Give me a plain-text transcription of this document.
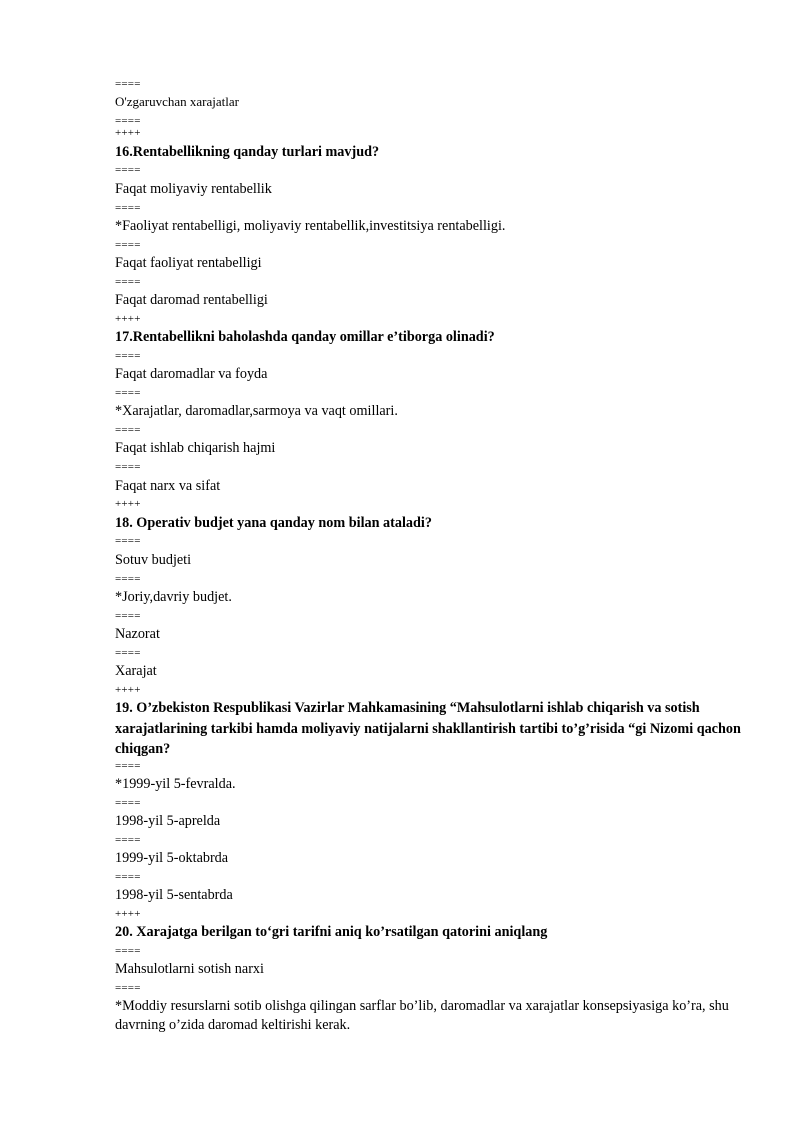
====
O'zgaruvchan xarajatlar
====
++++
16.Rentabellikning qanday turlari mavjud?
====
Faqat moliyaviy rentabellik
====
*Faoliyat rentabelligi, moliyaviy rentabellik,investitsiya rentabelligi.
====
Faqat faoliyat rentabelligi
====
Faqat daromad rentabelligi
++++
17.Rentabellikni baholashda qanday omillar e’tiborga olinadi?
====
Faqat daromadlar va foyda
====
*Xarajatlar, daromadlar,sarmoya va vaqt omillari.
====
Faqat ishlab chiqarish hajmi
====
Faqat narx va sifat
++++
18. Operativ budjet yana qanday nom bilan ataladi?
====
Sotuv budjeti
====
*Joriy,davriy budjet.
====
Nazorat
====
Xarajat
++++
19. O’zbekiston Respublikasi Vazirlar Mahkamasining “Mahsulotlarni ishlab chiqarish va sotish xarajatlarining tarkibi hamda moliyaviy natijalarni shakllantirish tartibi to’g’risida “gi Nizomi qachon chiqgan?
====
*1999-yil 5-fevralda.
====
1998-yil 5-aprelda
====
1999-yil 5-oktabrda
====
1998-yil 5-sentabrda
++++
20. Xarajatga berilgan to‘gri tarifni aniq ko’rsatilgan qatorini aniqlang
====
Mahsulotlarni sotish narxi
====
*Moddiy resurslarni sotib olishga qilingan sarflar bo’lib, daromadlar va xarajatlar konsepsiyasiga ko’ra, shu davrning o’zida daromad keltirishi kerak.
